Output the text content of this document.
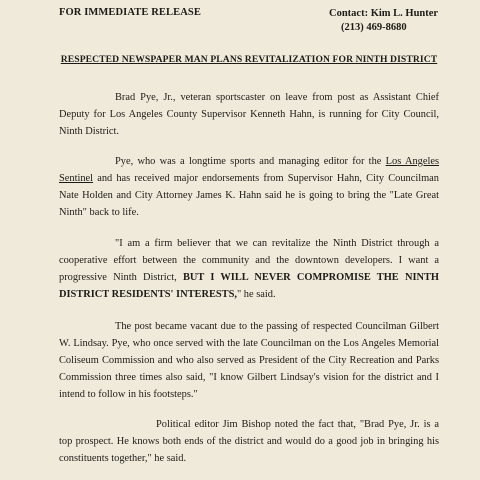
FOR IMMEDIATE RELEASE	Contact: Kim L. Hunter
(213) 469-8680
RESPECTED NEWSPAPER MAN PLANS REVITALIZATION FOR NINTH DISTRICT
Brad Pye, Jr., veteran sportscaster on leave from post as Assistant Chief Deputy for Los Angeles County Supervisor Kenneth Hahn, is running for City Council, Ninth District.
Pye, who was a longtime sports and managing editor for the Los Angeles Sentinel and has received major endorsements from Supervisor Hahn, City Councilman Nate Holden and City Attorney James K. Hahn said he is going to bring the "Late Great Ninth" back to life.
"I am a firm believer that we can revitalize the Ninth District through a cooperative effort between the community and the downtown developers. I want a progressive Ninth District, BUT I WILL NEVER COMPROMISE THE NINTH DISTRICT RESIDENTS' INTERESTS," he said.
The post became vacant due to the passing of respected Councilman Gilbert W. Lindsay. Pye, who once served with the late Councilman on the Los Angeles Memorial Coliseum Commission and who also served as President of the City Recreation and Parks Commission three times also said, "I know Gilbert Lindsay's vision for the district and I intend to follow in his footsteps."
Political editor Jim Bishop noted the fact that, "Brad Pye, Jr. is a top prospect. He knows both ends of the district and would do a good job in bringing his constituents together," he said.
